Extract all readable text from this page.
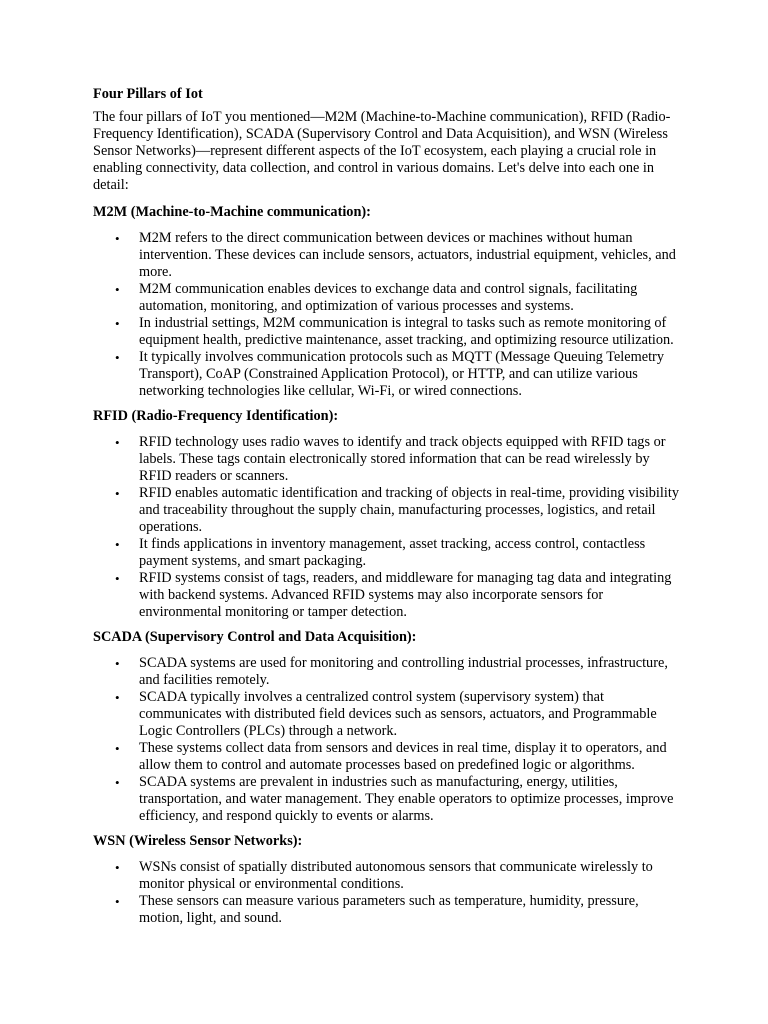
Four Pillars of Iot

The four pillars of IoT you mentioned—M2M (Machine-to-Machine communication), RFID (Radio-Frequency Identification), SCADA (Supervisory Control and Data Acquisition), and WSN (Wireless Sensor Networks)—represent different aspects of the IoT ecosystem, each playing a crucial role in enabling connectivity, data collection, and control in various domains. Let's delve into each one in detail:

M2M (Machine-to-Machine communication):
• M2M refers to the direct communication between devices or machines without human intervention. These devices can include sensors, actuators, industrial equipment, vehicles, and more.
• M2M communication enables devices to exchange data and control signals, facilitating automation, monitoring, and optimization of various processes and systems.
• In industrial settings, M2M communication is integral to tasks such as remote monitoring of equipment health, predictive maintenance, asset tracking, and optimizing resource utilization.
• It typically involves communication protocols such as MQTT (Message Queuing Telemetry Transport), CoAP (Constrained Application Protocol), or HTTP, and can utilize various networking technologies like cellular, Wi-Fi, or wired connections.
RFID (Radio-Frequency Identification):
• RFID technology uses radio waves to identify and track objects equipped with RFID tags or labels. These tags contain electronically stored information that can be read wirelessly by RFID readers or scanners.
• RFID enables automatic identification and tracking of objects in real-time, providing visibility and traceability throughout the supply chain, manufacturing processes, logistics, and retail operations.
• It finds applications in inventory management, asset tracking, access control, contactless payment systems, and smart packaging.
• RFID systems consist of tags, readers, and middleware for managing tag data and integrating with backend systems. Advanced RFID systems may also incorporate sensors for environmental monitoring or tamper detection.
SCADA (Supervisory Control and Data Acquisition):
• SCADA systems are used for monitoring and controlling industrial processes, infrastructure, and facilities remotely.
• SCADA typically involves a centralized control system (supervisory system) that communicates with distributed field devices such as sensors, actuators, and Programmable Logic Controllers (PLCs) through a network.
• These systems collect data from sensors and devices in real time, display it to operators, and allow them to control and automate processes based on predefined logic or algorithms.
• SCADA systems are prevalent in industries such as manufacturing, energy, utilities, transportation, and water management. They enable operators to optimize processes, improve efficiency, and respond quickly to events or alarms.
WSN (Wireless Sensor Networks):
• WSNs consist of spatially distributed autonomous sensors that communicate wirelessly to monitor physical or environmental conditions.
• These sensors can measure various parameters such as temperature, humidity, pressure, motion, light, and sound.
